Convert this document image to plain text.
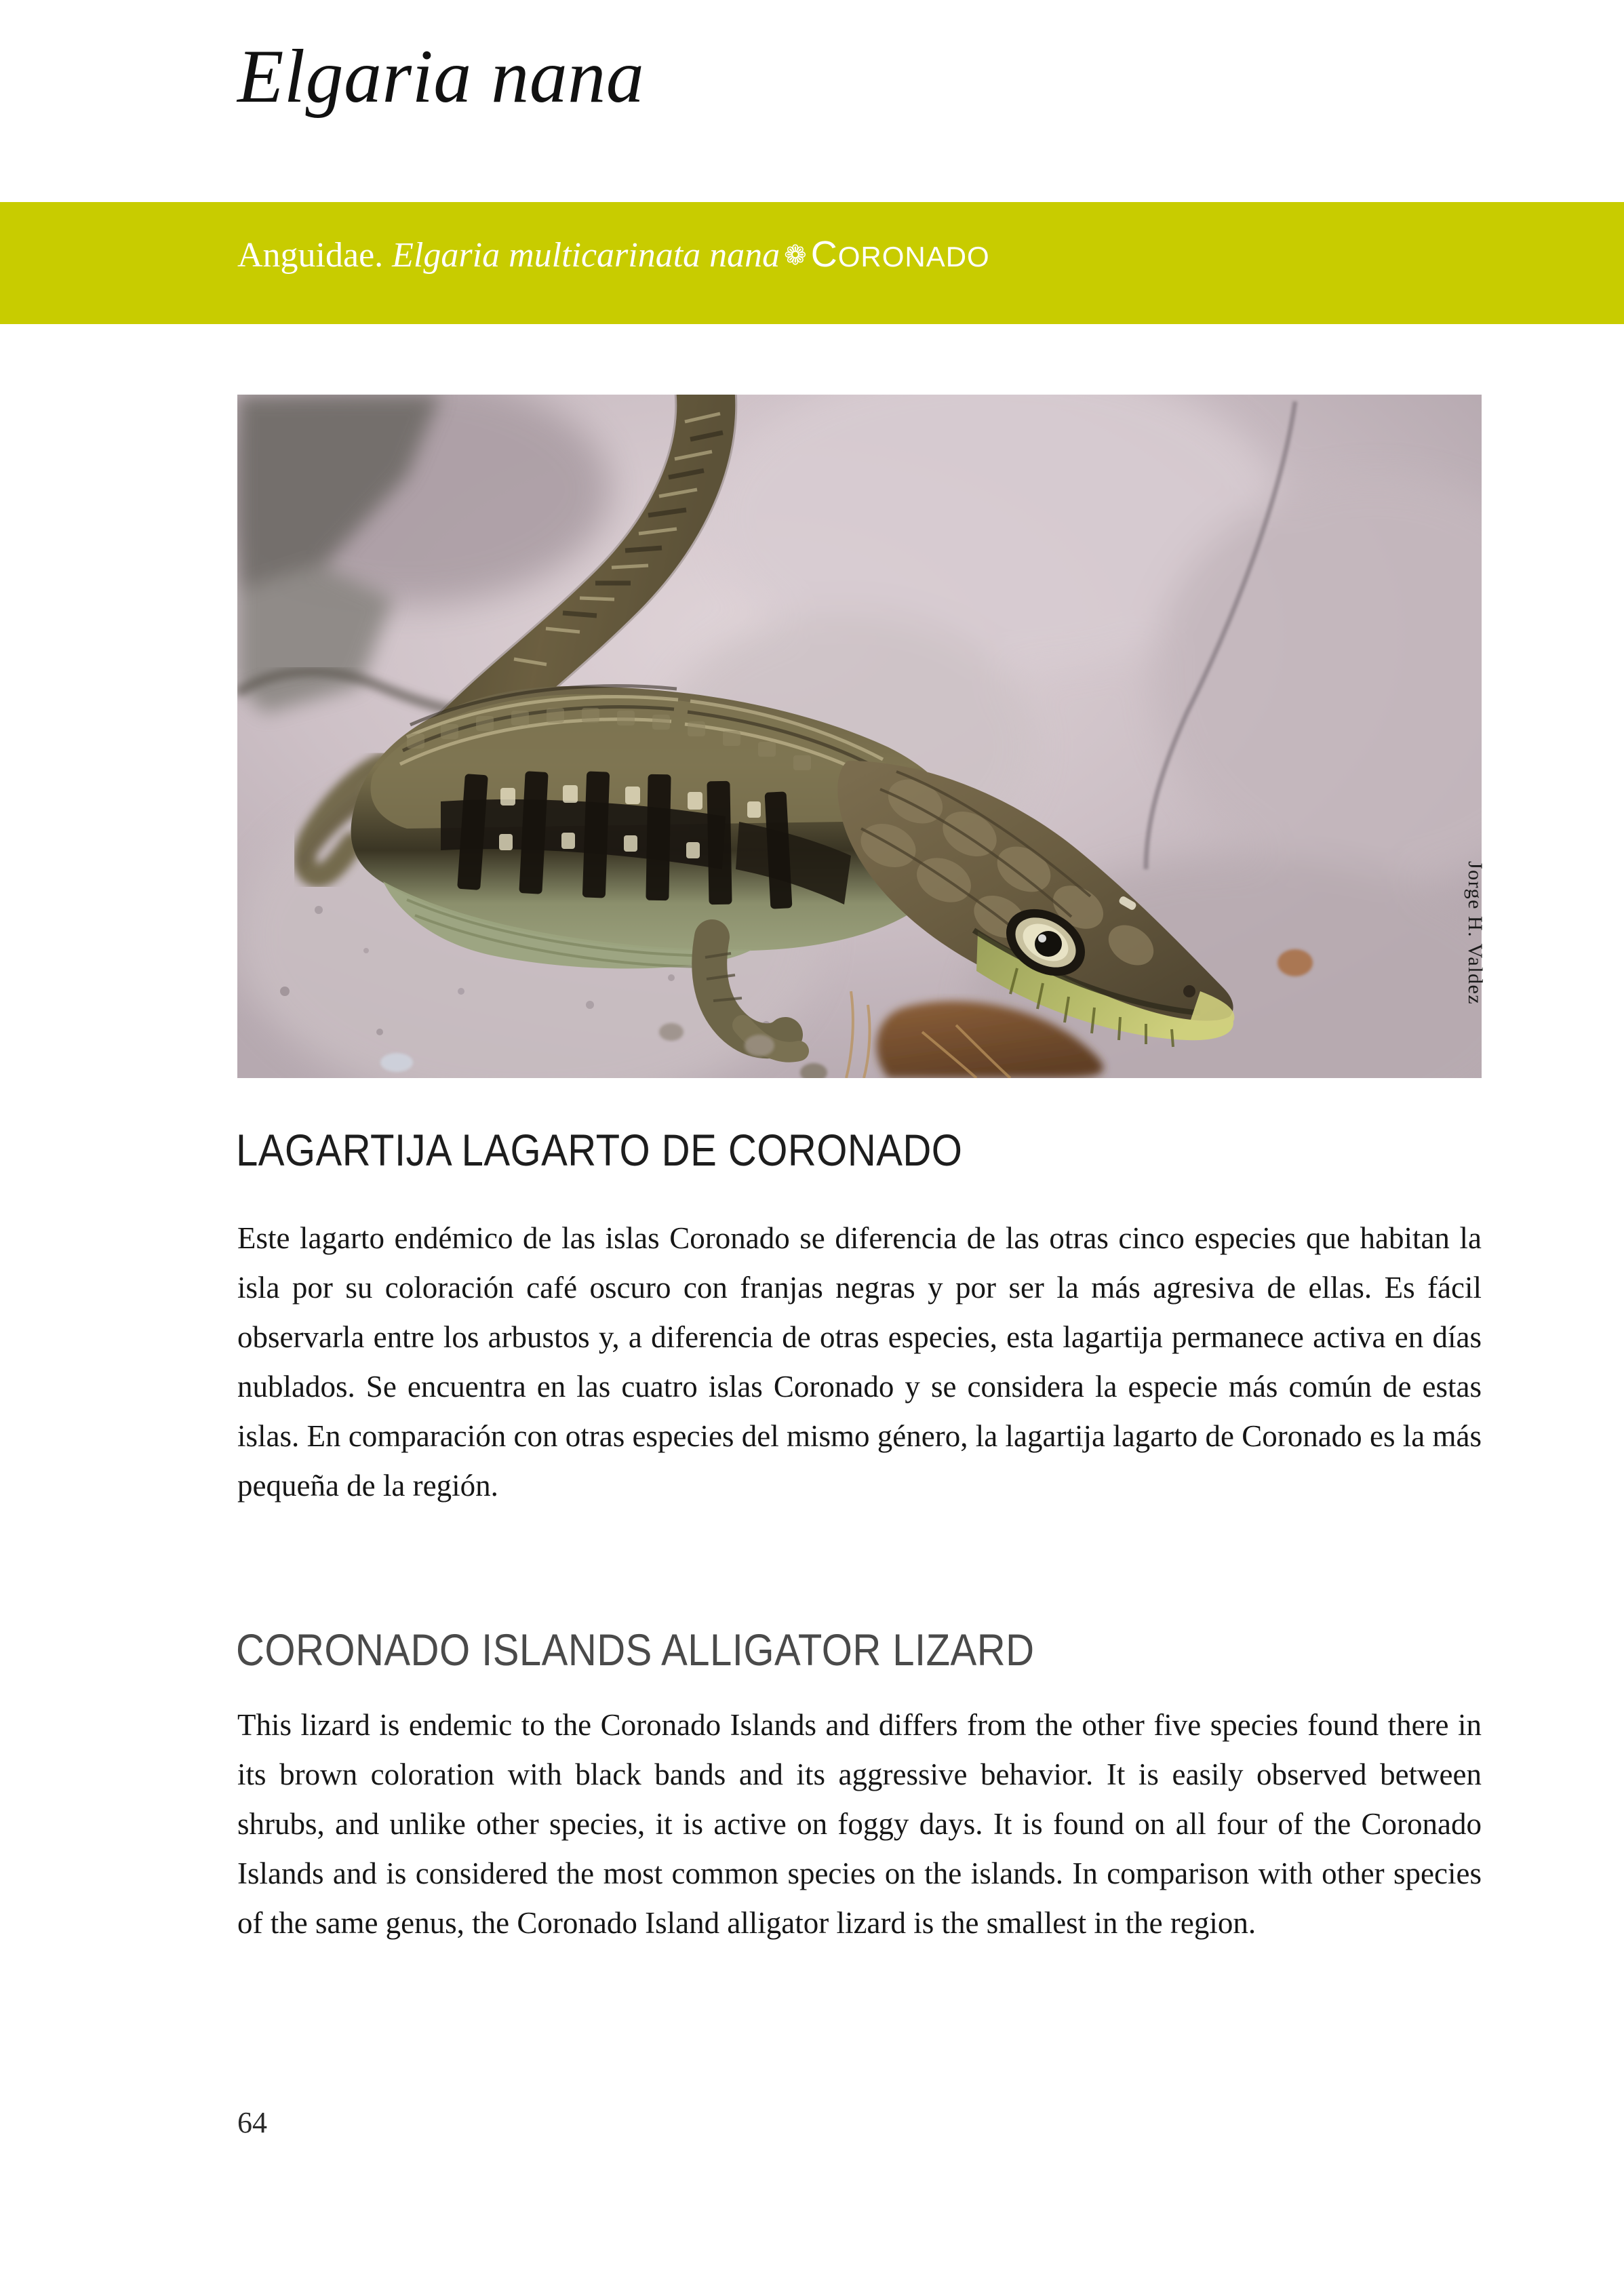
Elgaria nana
Anguidae. Elgaria multicarinata nana ❁ CORONADO
Jorge H. Valdez
LAGARTIJA LAGARTO DE CORONADO
Este lagarto endémico de las islas Coronado se diferencia de las otras cinco especies que habitan la isla por su coloración café oscuro con franjas negras y por ser la más agresiva de ellas. Es fácil observarla entre los arbustos y, a diferencia de otras especies, esta lagartija permanece activa en días nublados. Se encuentra en las cuatro islas Coronado y se considera la especie más común de estas islas. En comparación con otras especies del mismo género, la lagartija lagarto de Coronado es la más pequeña de la región.
CORONADO ISLANDS ALLIGATOR LIZARD
This lizard is endemic to the Coronado Islands and differs from the other five species found there in its brown coloration with black bands and its aggressive behavior. It is easily observed between shrubs, and unlike other species, it is active on foggy days. It is found on all four of the Coronado Islands and is considered the most common species on the islands. In comparison with other species of the same genus, the Coronado Island alligator lizard is the smallest in the region.
64
